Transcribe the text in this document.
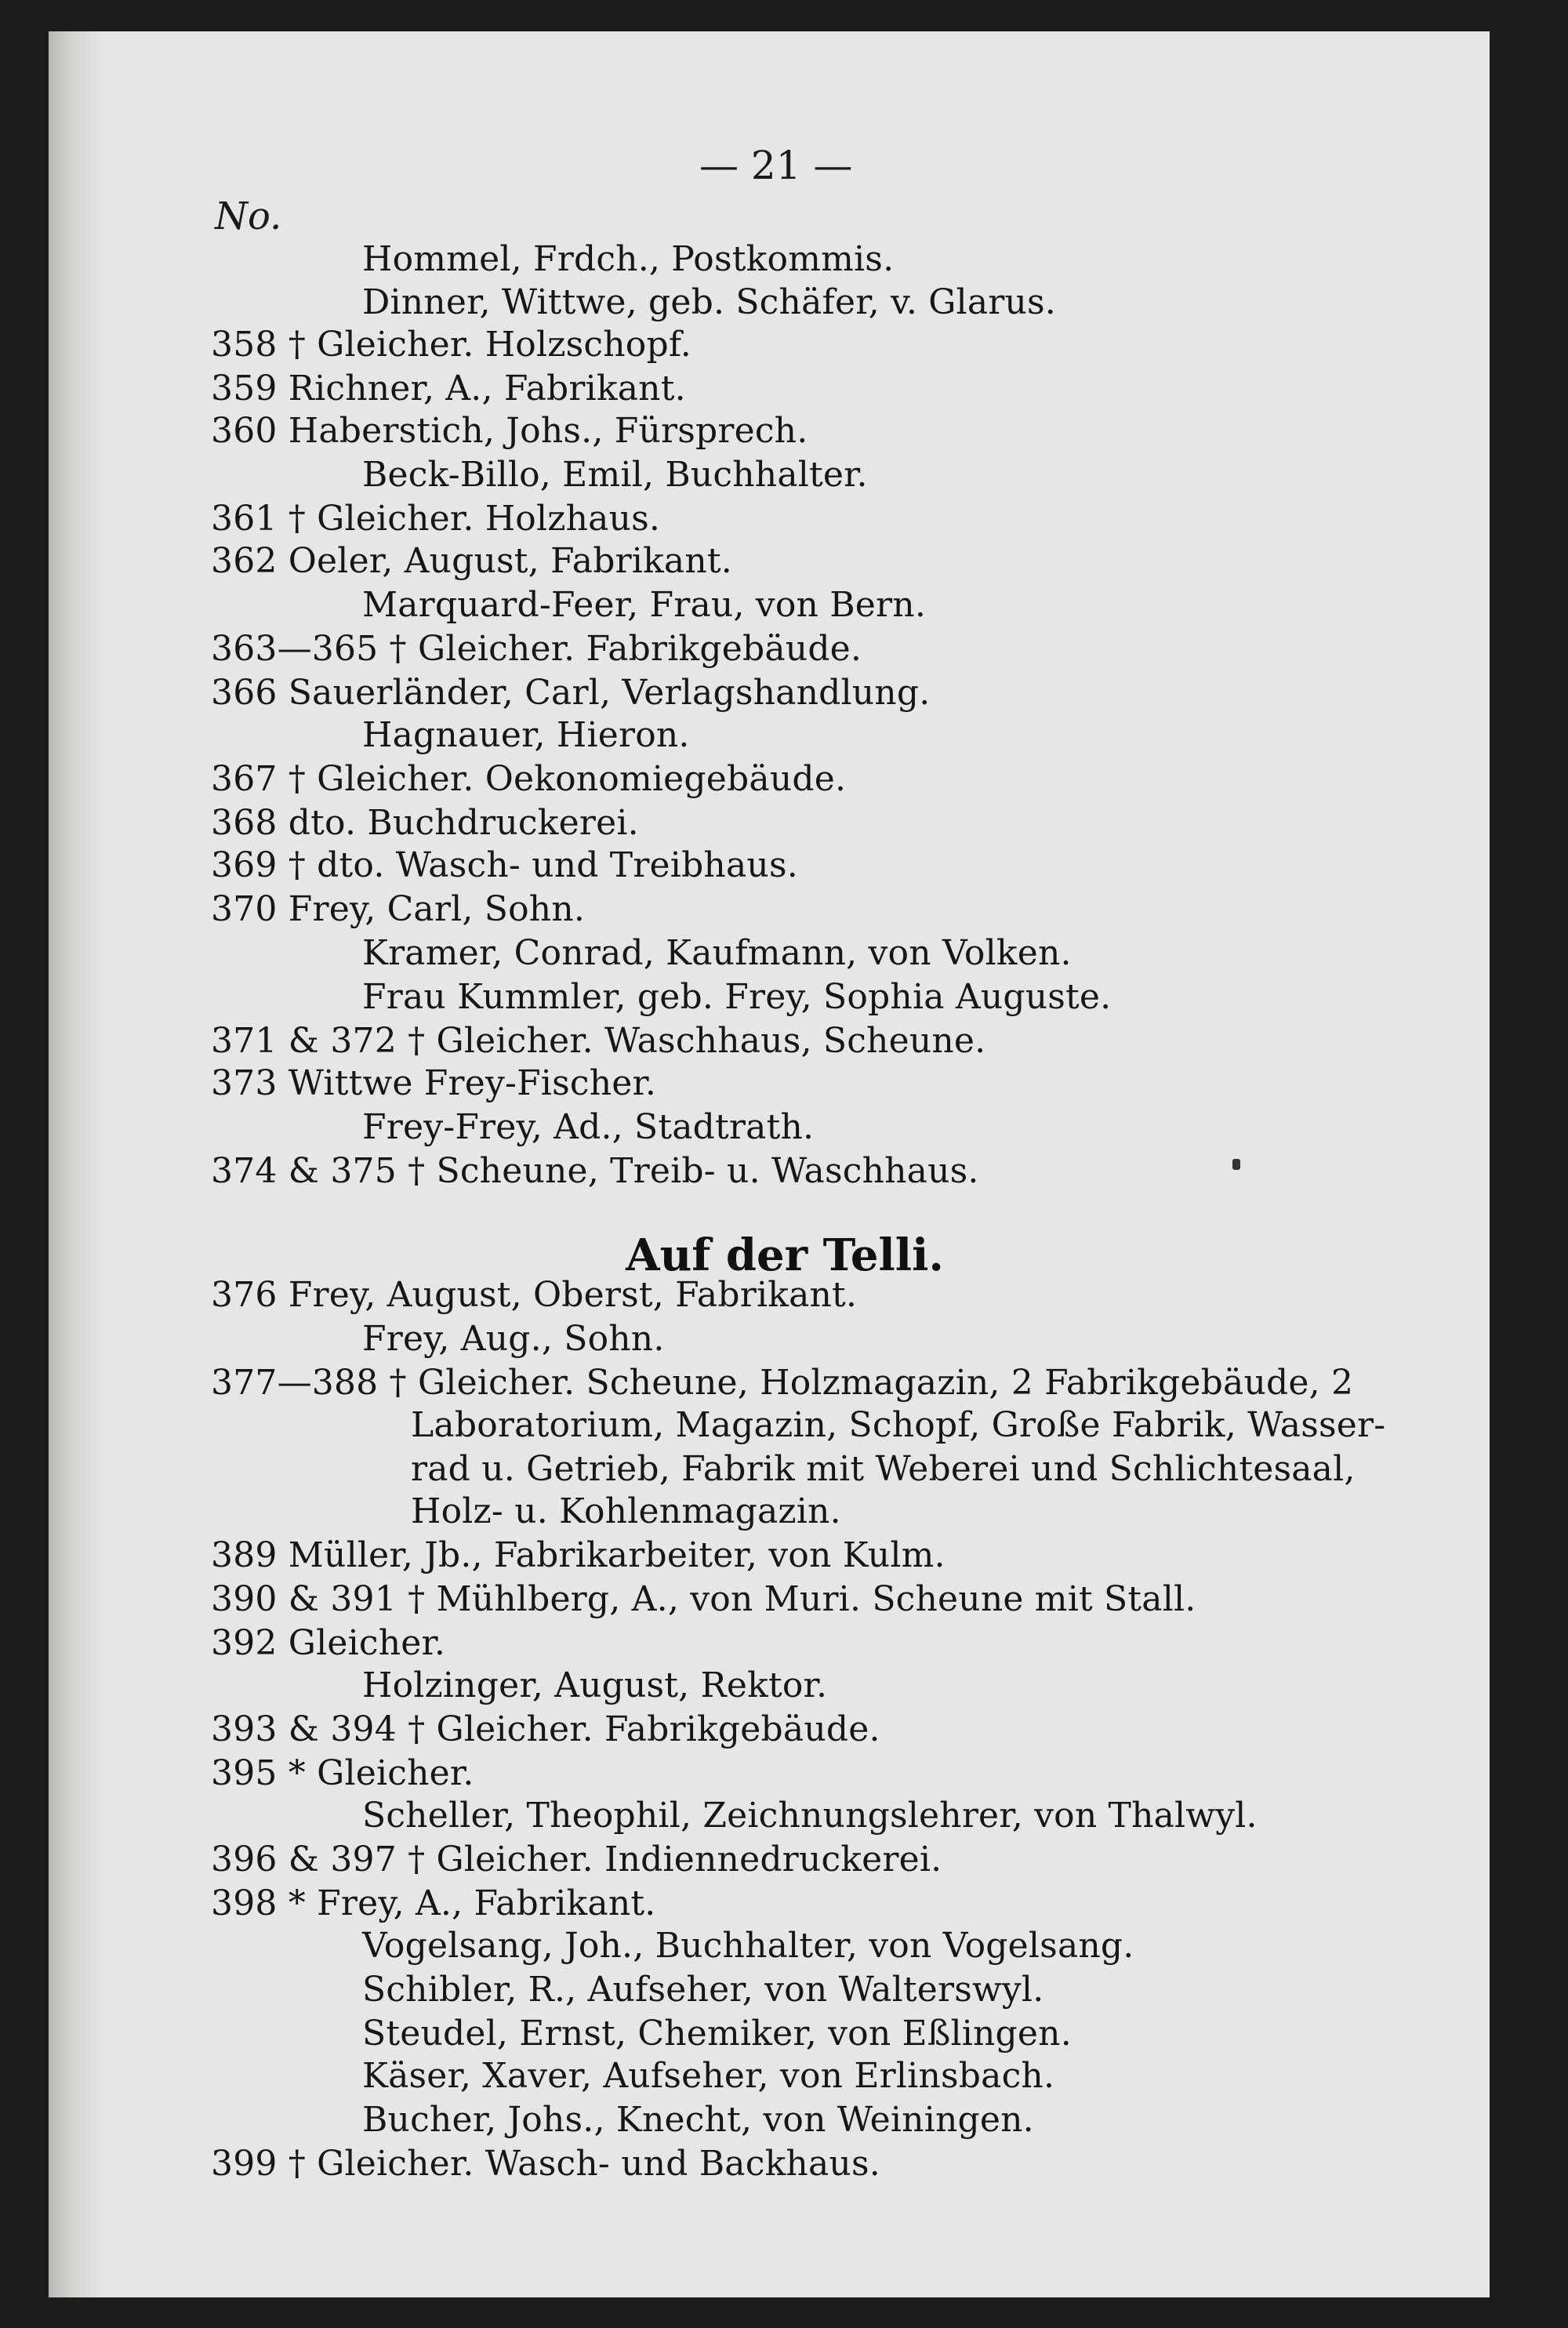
— 21 —
No.
Hommel, Frdch., Postkommis.
Dinner, Wittwe, geb. Schäfer, v. Glarus.
358 † Gleicher. Holzschopf.
359 Richner, A., Fabrikant.
360 Haberstich, Johs., Fürsprech.
Beck-Billo, Emil, Buchhalter.
361 † Gleicher. Holzhaus.
362 Oeler, August, Fabrikant.
Marquard-Feer, Frau, von Bern.
363—365 † Gleicher. Fabrikgebäude.
366 Sauerländer, Carl, Verlagshandlung.
Hagnauer, Hieron.
367 † Gleicher. Oekonomiegebäude.
368 dto. Buchdruckerei.
369 † dto. Wasch- und Treibhaus.
370 Frey, Carl, Sohn.
Kramer, Conrad, Kaufmann, von Volken.
Frau Kummler, geb. Frey, Sophia Auguste.
371 & 372 † Gleicher. Waschhaus, Scheune.
373 Wittwe Frey-Fischer.
Frey-Frey, Ad., Stadtrath.
374 & 375 † Scheune, Treib- u. Waschhaus.
376 Frey, August, Oberst, Fabrikant.
Frey, Aug., Sohn.
377—388 † Gleicher. Scheune, Holzmagazin, 2 Fabrikgebäude, 2
Laboratorium, Magazin, Schopf, Große Fabrik, Wasser-
rad u. Getrieb, Fabrik mit Weberei und Schlichtesaal,
Holz- u. Kohlenmagazin.
389 Müller, Jb., Fabrikarbeiter, von Kulm.
390 & 391 † Mühlberg, A., von Muri. Scheune mit Stall.
392 Gleicher.
Holzinger, August, Rektor.
393 & 394 † Gleicher. Fabrikgebäude.
395 * Gleicher.
Scheller, Theophil, Zeichnungslehrer, von Thalwyl.
396 & 397 † Gleicher. Indiennedruckerei.
398 * Frey, A., Fabrikant.
Vogelsang, Joh., Buchhalter, von Vogelsang.
Schibler, R., Aufseher, von Walterswyl.
Steudel, Ernst, Chemiker, von Eßlingen.
Käser, Xaver, Aufseher, von Erlinsbach.
Bucher, Johs., Knecht, von Weiningen.
399 † Gleicher. Wasch- und Backhaus.
Auf der Telli.
